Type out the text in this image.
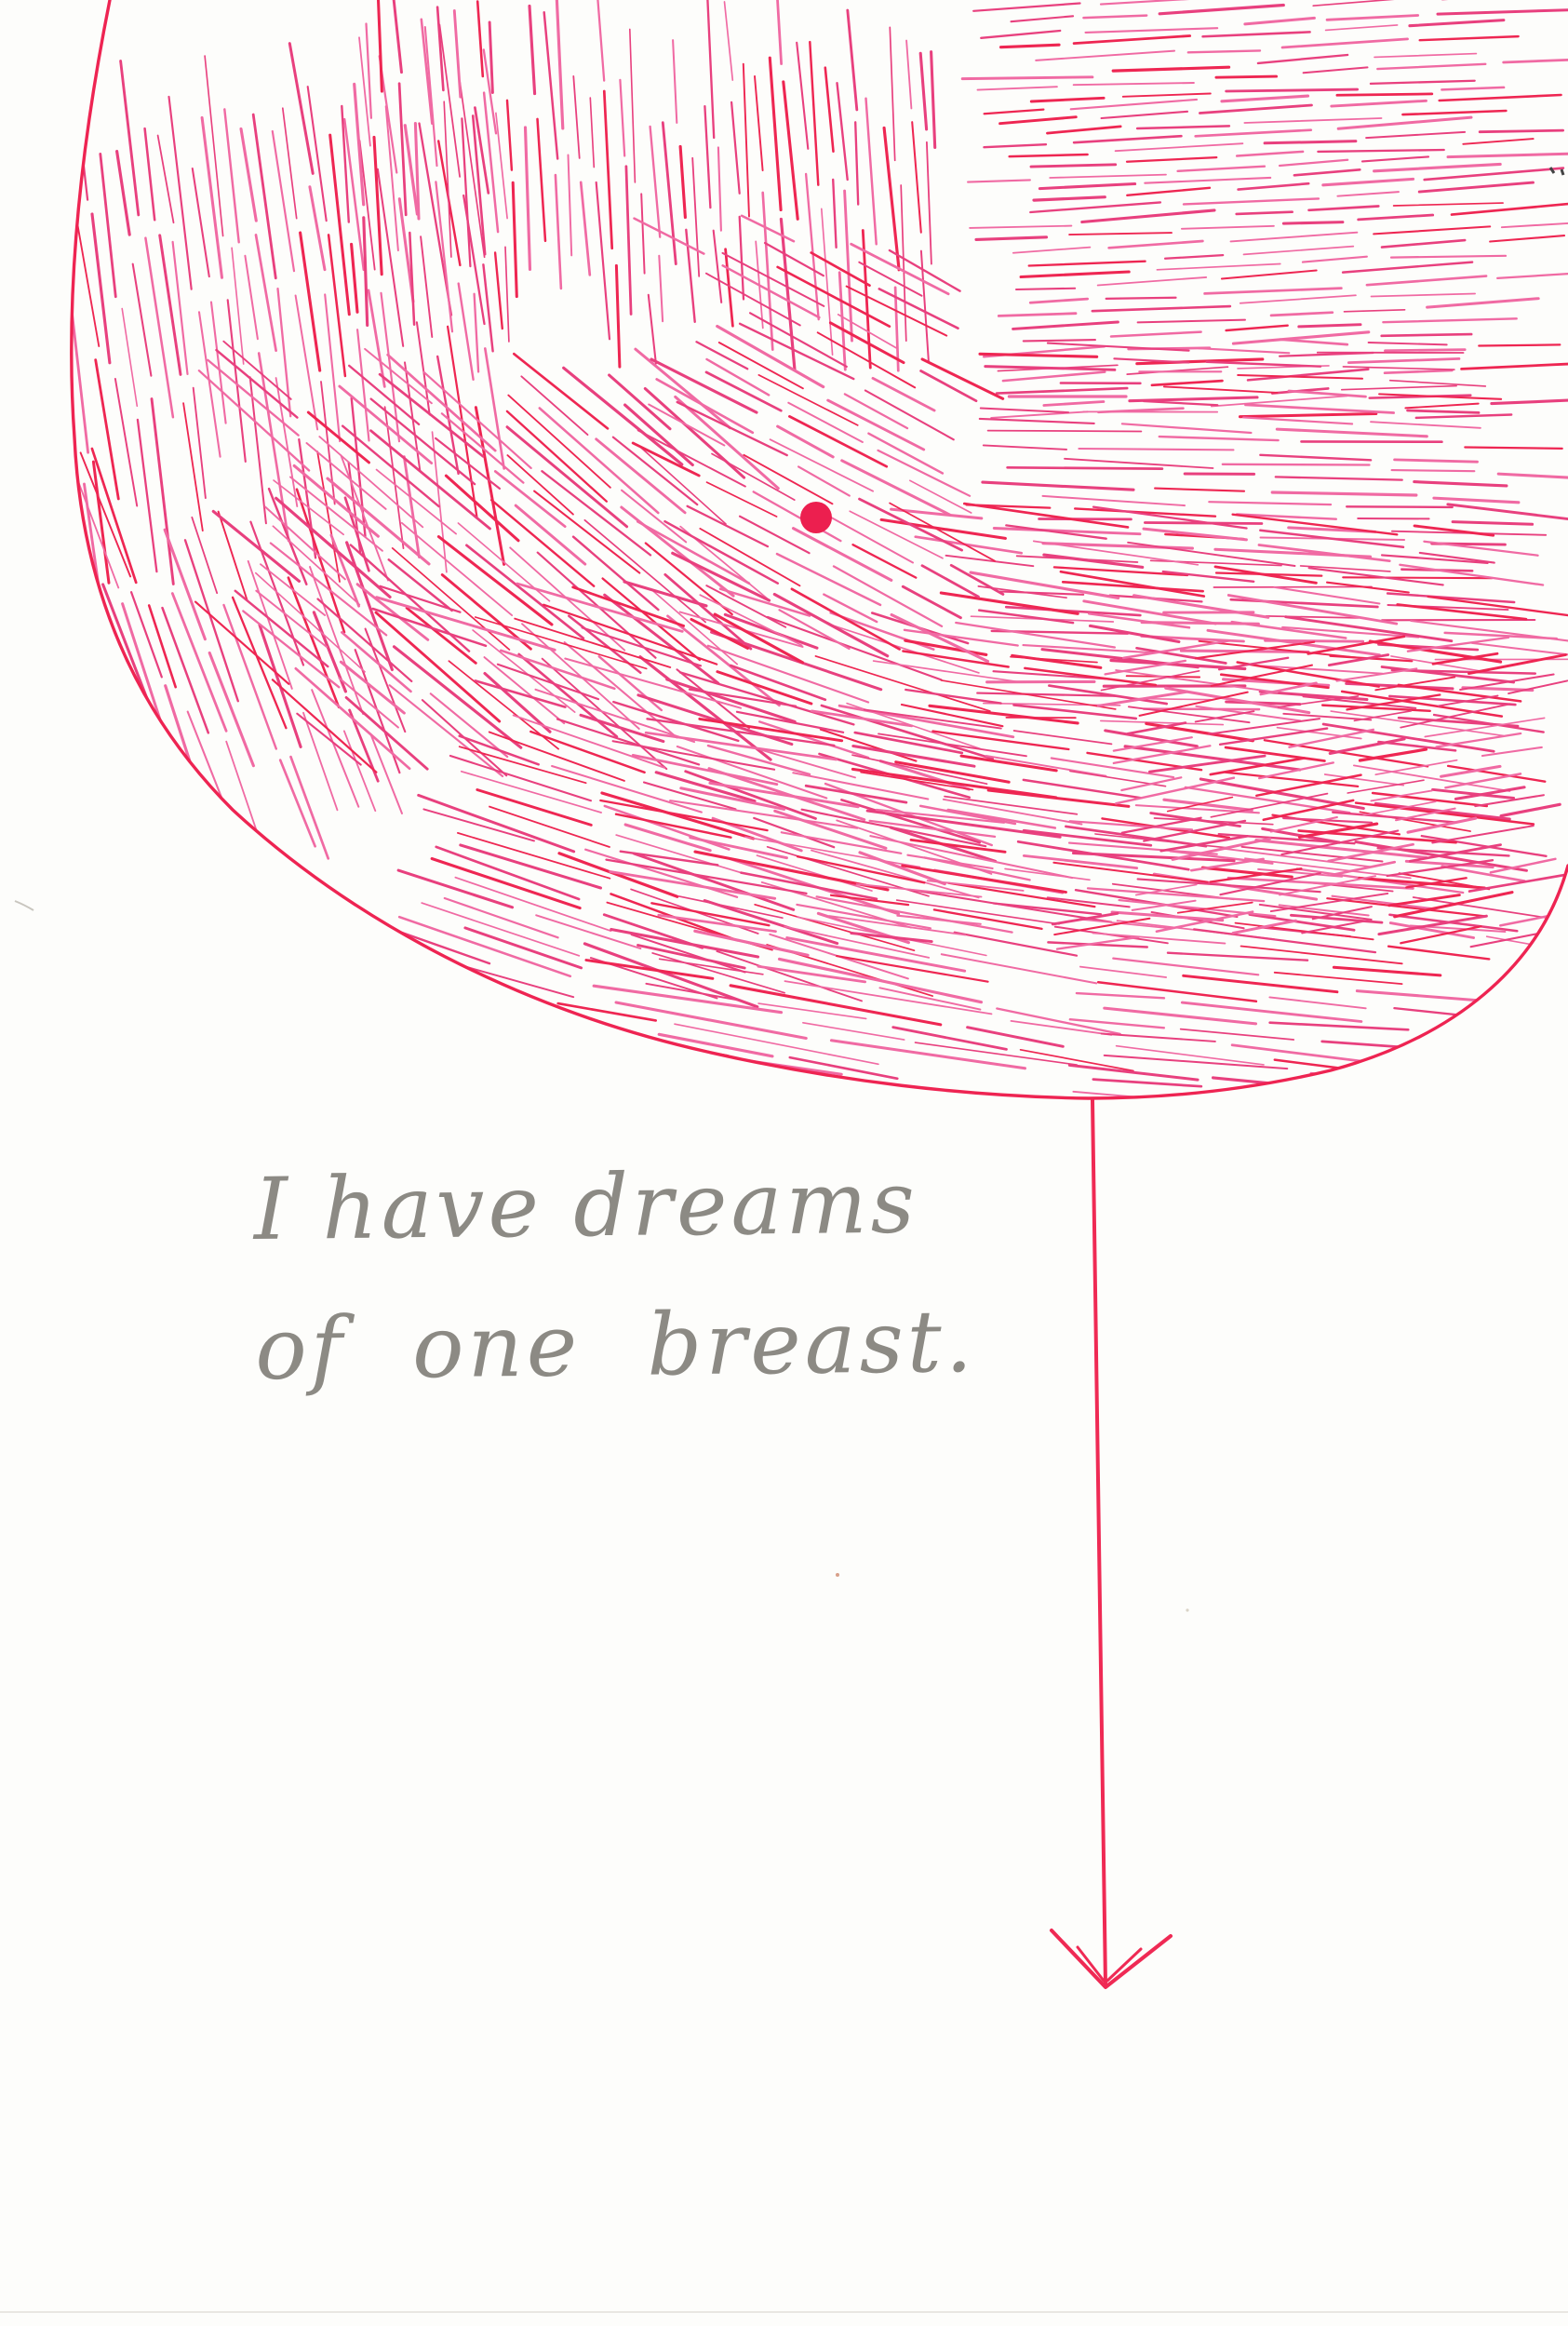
I have dreams
of one breast.
